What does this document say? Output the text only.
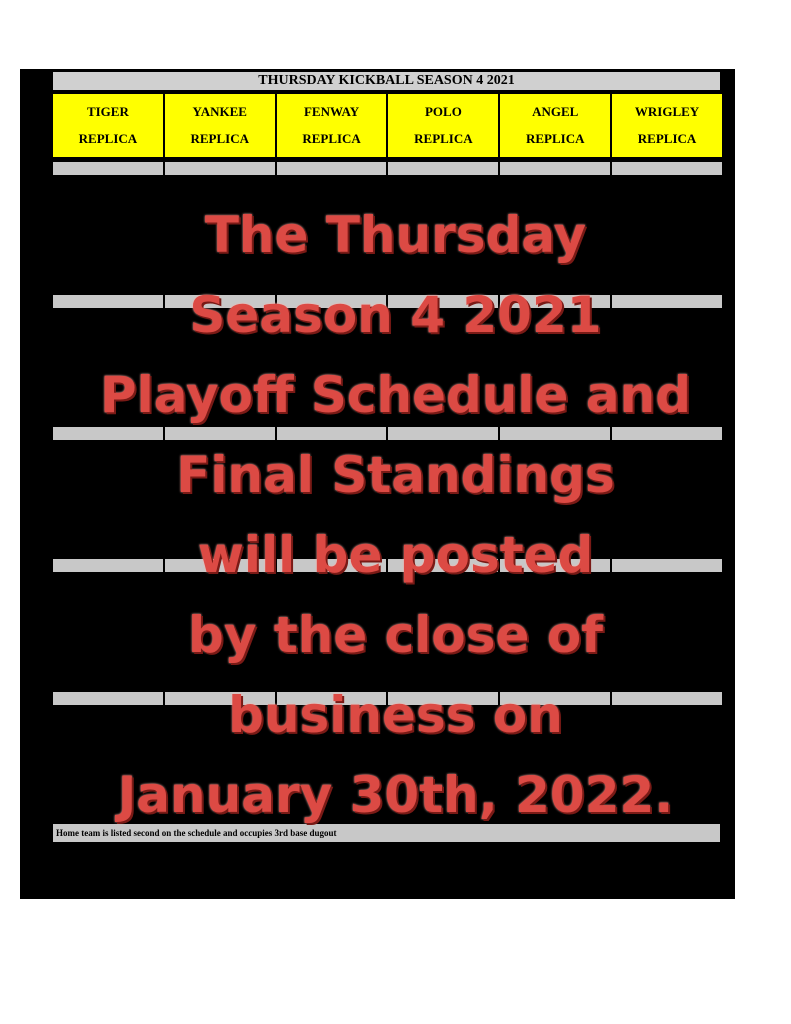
THURSDAY KICKBALL SEASON 4 2021
TIGER
REPLICA
YANKEE
REPLICA
FENWAY
REPLICA
POLO
REPLICA
ANGEL
REPLICA
WRIGLEY
REPLICA
Home team is listed second on the schedule and occupies 3rd base dugout
The Thursday
Season 4 2021
Playoff Schedule and
Final Standings
will be posted
by the close of
business on
January 30th, 2022.
